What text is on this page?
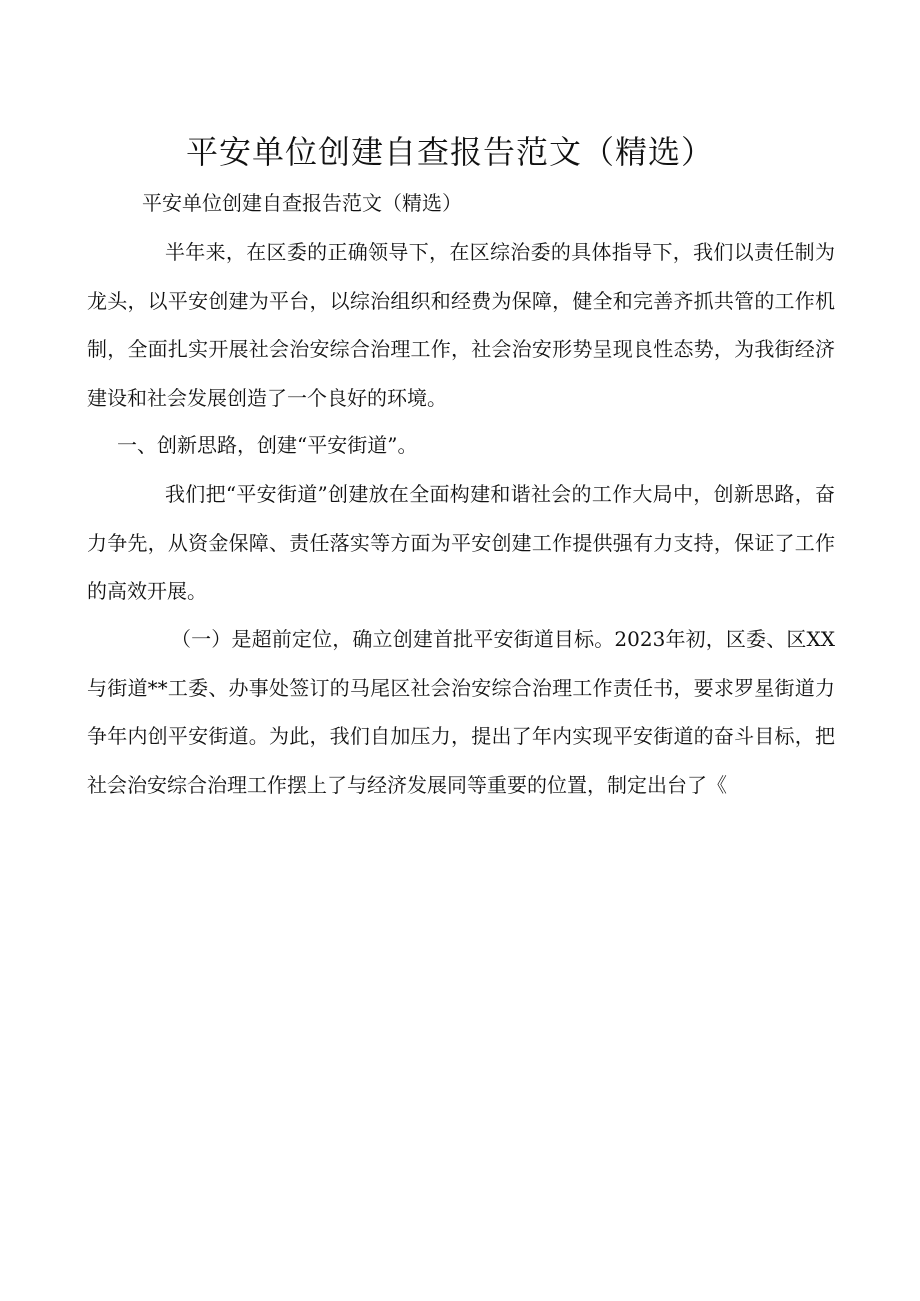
平安单位创建自查报告范文（精选）

平安单位创建自查报告范文（精选）

半年来，在区委的正确领导下，在区综治委的具体指导下，我们以责任制为龙头，以平安创建为平台，以综治组织和经费为保障，健全和完善齐抓共管的工作机制，全面扎实开展社会治安综合治理工作，社会治安形势呈现良性态势，为我街经济建设和社会发展创造了一个良好的环境。

一、创新思路，创建“平安街道”。

我们把“平安街道”创建放在全面构建和谐社会的工作大局中，创新思路，奋力争先，从资金保障、责任落实等方面为平安创建工作提供强有力支持，保证了工作的高效开展。

（一）是超前定位，确立创建首批平安街道目标。2023年初，区委、区XX与街道**工委、办事处签订的马尾区社会治安综合治理工作责任书，要求罗星街道力争年内创平安街道。为此，我们自加压力，提出了年内实现平安街道的奋斗目标，把社会治安综合治理工作摆上了与经济发展同等重要的位置，制定出台了《
